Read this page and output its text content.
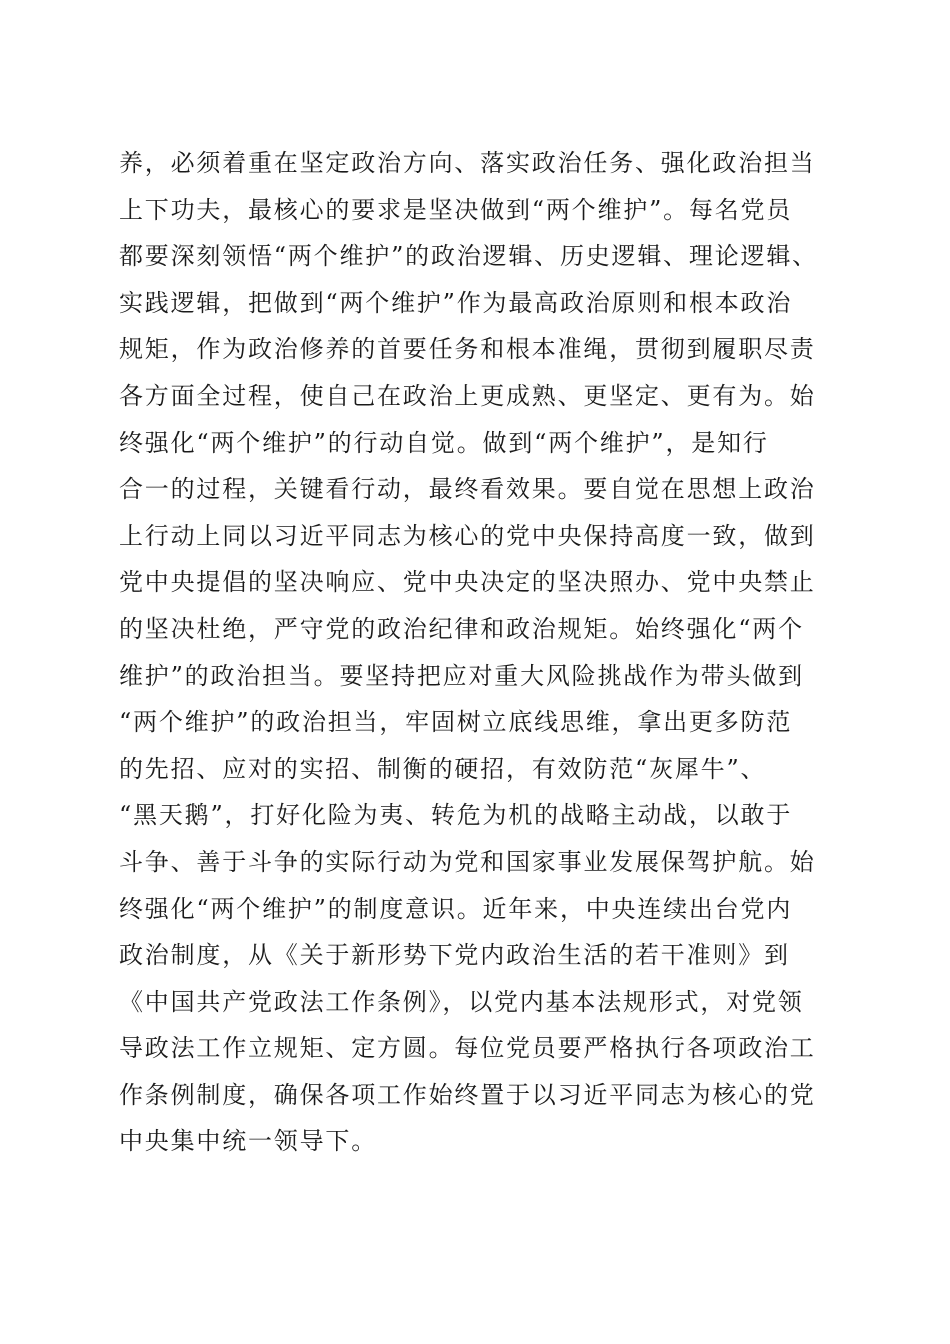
养，必须着重在坚定政治方向、落实政治任务、强化政治担当
上下功夫，最核心的要求是坚决做到“两个维护”。每名党员
都要深刻领悟“两个维护”的政治逻辑、历史逻辑、理论逻辑、
实践逻辑，把做到“两个维护”作为最高政治原则和根本政治
规矩，作为政治修养的首要任务和根本准绳，贯彻到履职尽责
各方面全过程，使自己在政治上更成熟、更坚定、更有为。始
终强化“两个维护”的行动自觉。做到“两个维护”，是知行
合一的过程，关键看行动，最终看效果。要自觉在思想上政治
上行动上同以习近平同志为核心的党中央保持高度一致，做到
党中央提倡的坚决响应、党中央决定的坚决照办、党中央禁止
的坚决杜绝，严守党的政治纪律和政治规矩。始终强化“两个
维护”的政治担当。要坚持把应对重大风险挑战作为带头做到
“两个维护”的政治担当，牢固树立底线思维，拿出更多防范
的先招、应对的实招、制衡的硬招，有效防范“灰犀牛”、
“黑天鹅”，打好化险为夷、转危为机的战略主动战，以敢于
斗争、善于斗争的实际行动为党和国家事业发展保驾护航。始
终强化“两个维护”的制度意识。近年来，中央连续出台党内
政治制度，从《关于新形势下党内政治生活的若干准则》到
《中国共产党政法工作条例》，以党内基本法规形式，对党领
导政法工作立规矩、定方圆。每位党员要严格执行各项政治工
作条例制度，确保各项工作始终置于以习近平同志为核心的党
中央集中统一领导下。
